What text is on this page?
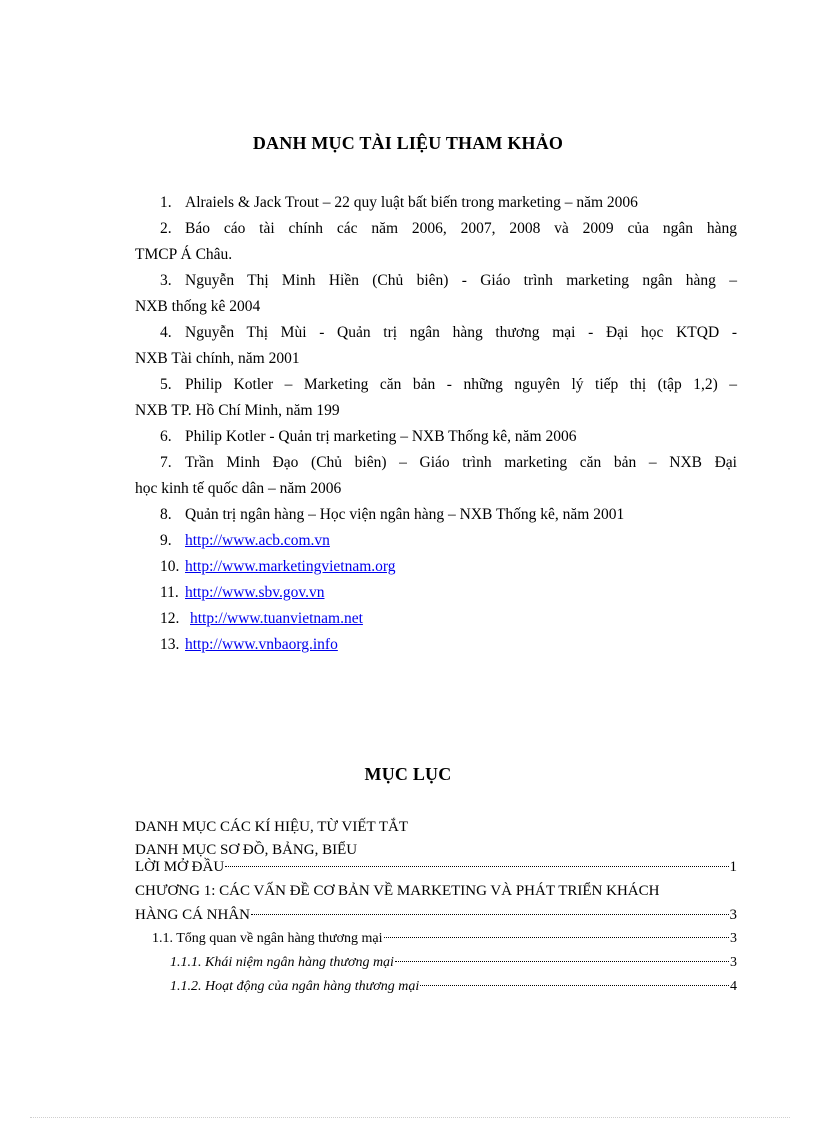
DANH MỤC TÀI LIỆU THAM KHẢO
1. Alraiels & Jack Trout – 22 quy luật bất biến trong marketing – năm 2006
2. Báo cáo tài chính các năm 2006, 2007, 2008 và 2009 của ngân hàng
TMCP Á Châu.
3. Nguyễn Thị Minh Hiền (Chủ biên) - Giáo trình marketing ngân hàng –
NXB thống kê 2004
4. Nguyễn Thị Mùi - Quản trị ngân hàng thương mại - Đại học KTQD -
NXB Tài chính, năm 2001
5. Philip Kotler – Marketing căn bản - những nguyên lý tiếp thị (tập 1,2) –
NXB TP. Hồ Chí Minh, năm 199
6. Philip Kotler - Quản trị marketing – NXB Thống kê, năm 2006
7. Trần Minh Đạo (Chủ biên) – Giáo trình marketing căn bản – NXB Đại
học kinh tế quốc dân – năm 2006
8. Quản trị ngân hàng – Học viện ngân hàng – NXB Thống kê, năm 2001
9. http://www.acb.com.vn
10. http://www.marketingvietnam.org
11. http://www.sbv.gov.vn
12. http://www.tuanvietnam.net
13. http://www.vnbaorg.info
MỤC LỤC
DANH MỤC CÁC KÍ HIỆU, TỪ VIẾT TẮT
DANH MỤC SƠ ĐỒ, BẢNG, BIỂU
LỜI MỞ ĐẦU	1
CHƯƠNG 1: CÁC VẤN ĐỀ CƠ BẢN VỀ MARKETING VÀ PHÁT TRIỂN KHÁCH
HÀNG CÁ NHÂN	3
1.1. Tổng quan về ngân hàng thương mại	3
1.1.1. Khái niệm ngân hàng thương mại	3
1.1.2. Hoạt động của ngân hàng thương mại	4
